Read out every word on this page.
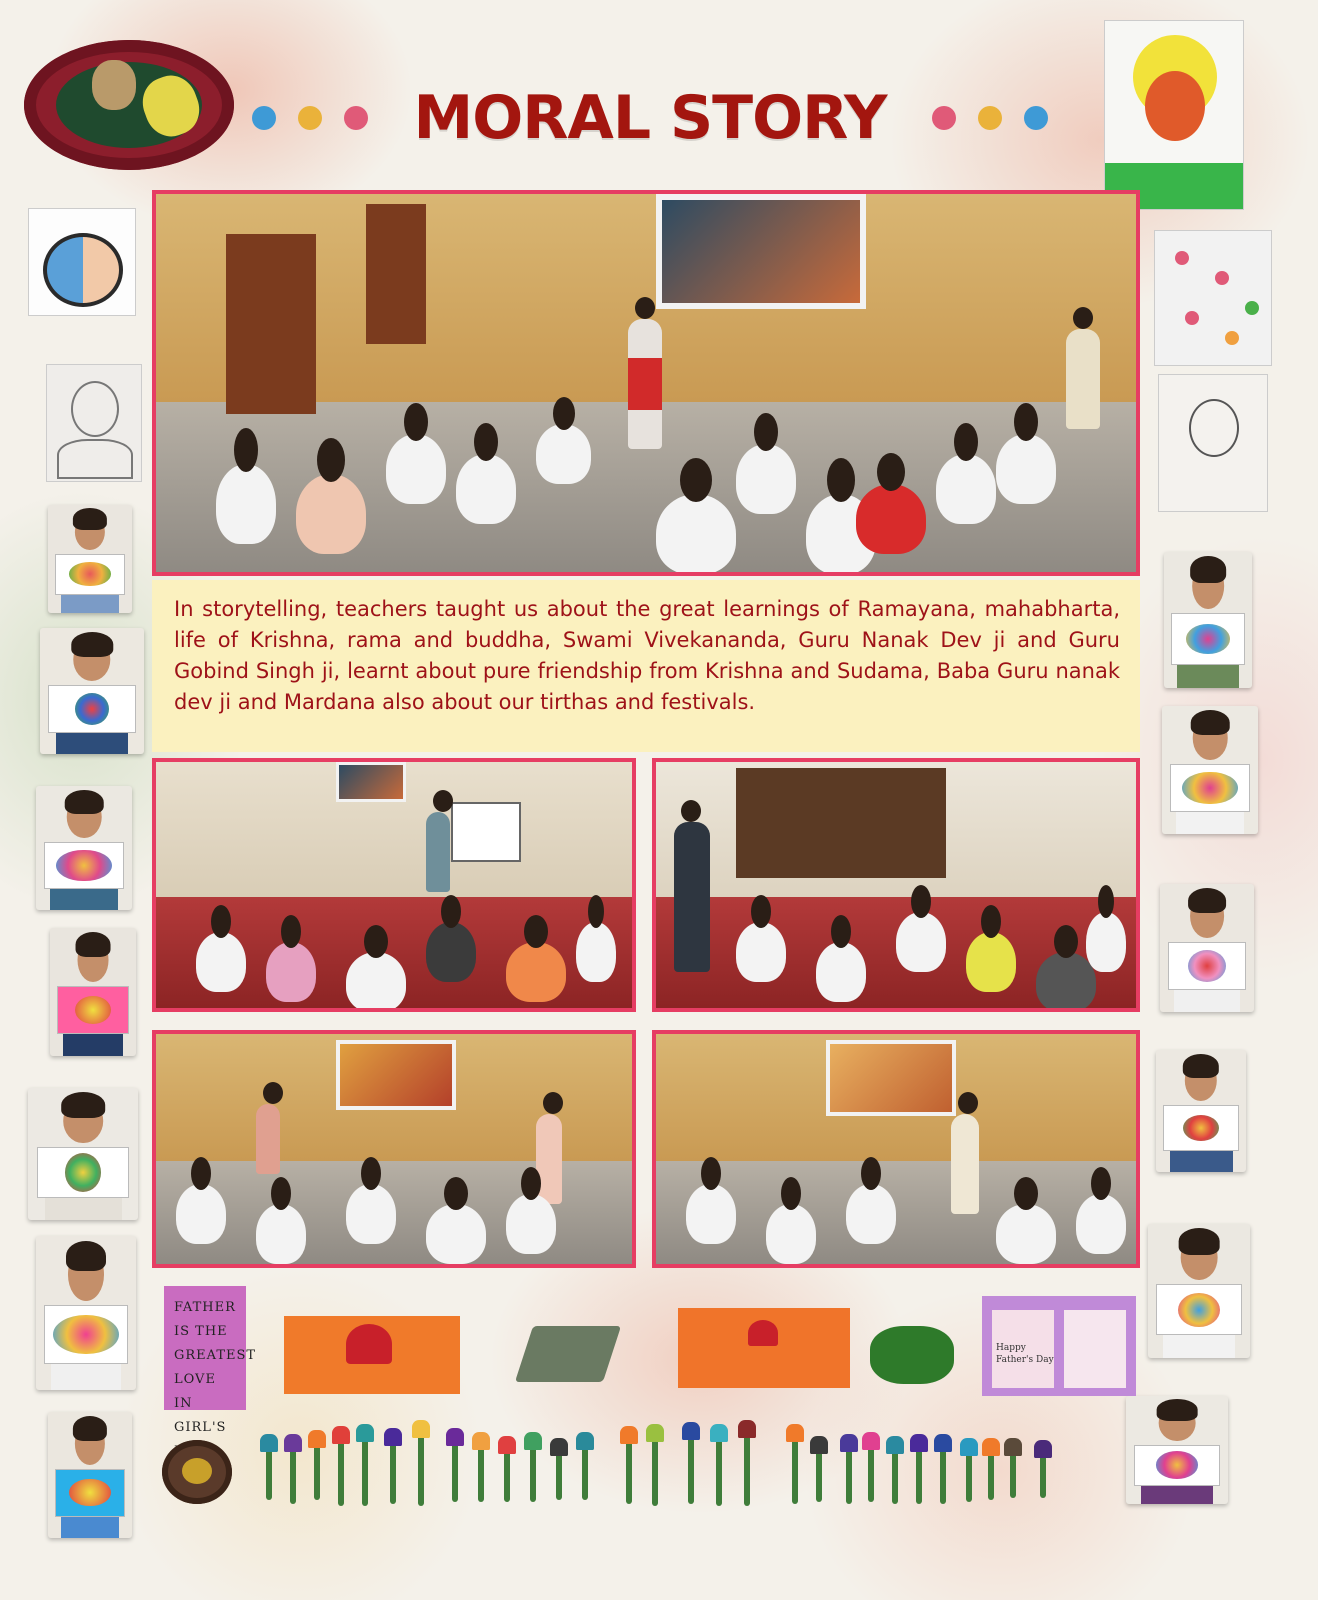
MORAL STORY

In storytelling, teachers taught us about the great learnings of Ramayana, mahabharta, life of Krishna, rama and buddha, Swami Vivekananda, Guru Nanak Dev ji and Guru Gobind Singh ji, learnt about pure friendship from Krishna and Sudama, Baba Guru nanak dev ji and Mardana also about our tirthas and festivals.

FATHER IS THE GREATEST LOVE IN GIRL'S
Happy Father's Day
